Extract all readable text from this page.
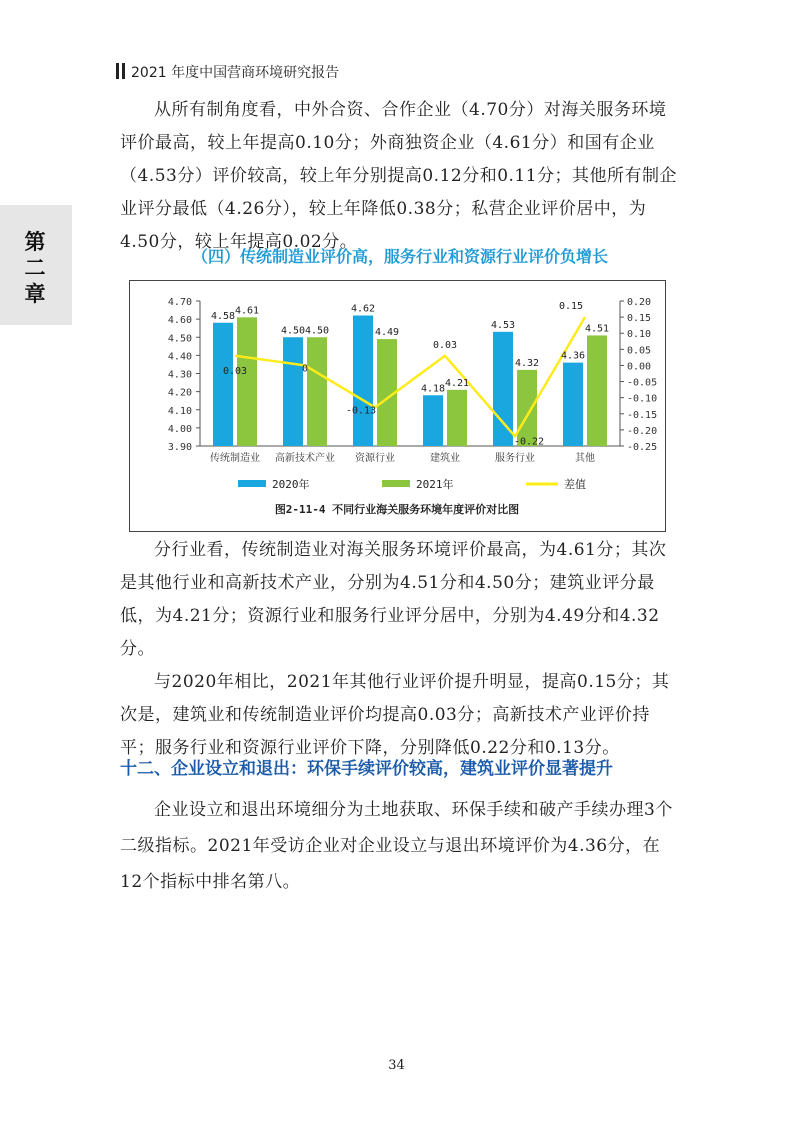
2021 年度中国营商环境研究报告
第二章

从所有制角度看，中外合资、合作企业（4.70分）对海关服务环境评价最高，较上年提高0.10分；外商独资企业（4.61分）和国有企业（4.53分）评价较高，较上年分别提高0.12分和0.11分；其他所有制企业评分最低（4.26分），较上年降低0.38分；私营企业评价居中，为4.50分，较上年提高0.02分。

（四）传统制造业评价高，服务行业和资源行业评价负增长
4.70
4.60
4.50
4.40
4.30
4.20
4.10
4.00
3.90
0.20
0.15
0.10
0.05
0.00
-0.05
-0.10
-0.15
-0.20
-0.25
传统制造业 高新技术产业 资源行业	建筑业	服务行业	其他
4.58 4.61
4.50 4.50
4.62
4.49
4.18 4.21
4.53
4.32
4.36
4.51
0.03	0
-0.13
0.03
-0.22
0.15
2020年	2021年	差值
图2-11-4 不同行业海关服务环境年度评价对比图

分行业看，传统制造业对海关服务环境评价最高，为4.61分；其次是其他行业和高新技术产业，分别为4.51分和4.50分；建筑业评分最低，为4.21分；资源行业和服务行业评分居中，分别为4.49分和4.32分。

与2020年相比，2021年其他行业评价提升明显，提高0.15分；其次是，建筑业和传统制造业评价均提高0.03分；高新技术产业评价持平；服务行业和资源行业评价下降，分别降低0.22分和0.13分。

十二、企业设立和退出：环保手续评价较高，建筑业评价显著提升

企业设立和退出环境细分为土地获取、环保手续和破产手续办理3个二级指标。2021年受访企业对企业设立与退出环境评价为4.36分，在12个指标中排名第八。

34
